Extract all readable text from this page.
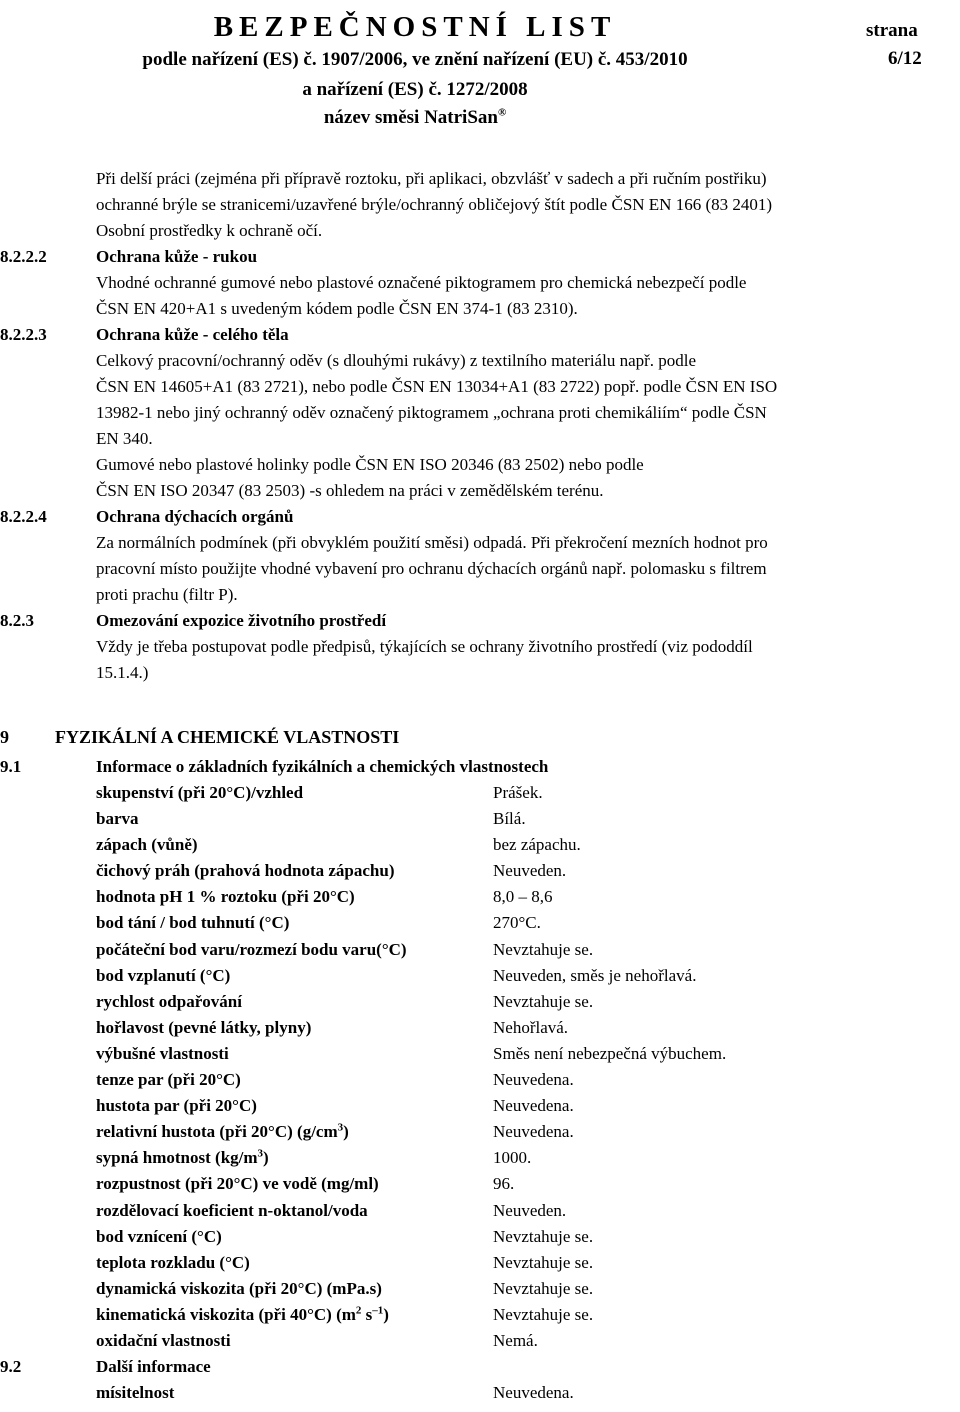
BEZPEČNOSTNÍ LIST
podle nařízení (ES) č. 1907/2006, ve znění nařízení (EU) č. 453/2010
a nařízení (ES) č. 1272/2008
název směsi NatriSan®
strana
6/12

Při delší práci (zejména při přípravě roztoku, při aplikaci, obzvlášť v sadech a při ručním postřiku)

ochranné brýle se stranicemi/uzavřené brýle/ochranný obličejový štít podle ČSN EN 166 (83 2401)

Osobní prostředky k ochraně očí.

8.2.2.2	Ochrana kůže - rukou

Vhodné ochranné gumové nebo plastové označené piktogramem pro chemická nebezpečí podle

ČSN EN 420+A1 s uvedeným kódem podle ČSN EN 374-1 (83 2310).

8.2.2.3	Ochrana kůže - celého těla

Celkový pracovní/ochranný oděv (s dlouhými rukávy) z textilního materiálu např. podle

ČSN EN 14605+A1 (83 2721), nebo podle ČSN EN 13034+A1 (83 2722) popř. podle ČSN EN ISO

13982-1 nebo jiný ochranný oděv označený piktogramem „ochrana proti chemikáliím“ podle ČSN

EN 340.

Gumové nebo plastové holinky podle ČSN EN ISO 20346 (83 2502) nebo podle

ČSN EN ISO 20347 (83 2503) -s ohledem na práci v zemědělském terénu.

8.2.2.4	Ochrana dýchacích orgánů

Za normálních podmínek (při obvyklém použití směsi) odpadá. Při překročení mezních hodnot pro

pracovní místo použijte vhodné vybavení pro ochranu dýchacích orgánů např. polomasku s filtrem

proti prachu (filtr P).

8.2.3	Omezování expozice životního prostředí

Vždy je třeba postupovat podle předpisů, týkajících se ochrany životního prostředí (viz pododdíl

15.1.4.)

9	FYZIKÁLNÍ A CHEMICKÉ VLASTNOSTI
9.1	Informace o základních fyzikálních a chemických vlastnostech
skupenství (při 20°C)/vzhled	Prášek.
barva	Bílá.
zápach (vůně)	bez zápachu.
čichový práh (prahová hodnota zápachu)	Neuveden.
hodnota pH 1 % roztoku (při 20°C)	8,0 – 8,6
bod tání / bod tuhnutí (°C)	270°C.
počáteční bod varu/rozmezí bodu varu(°C)	Nevztahuje se.
bod vzplanutí (°C)	Neuveden, směs je nehořlavá.
rychlost odpařování	Nevztahuje se.
hořlavost (pevné látky, plyny)	Nehořlavá.
výbušné vlastnosti	Směs není nebezpečná výbuchem.
tenze par (při 20°C)	Neuvedena.
hustota par (při 20°C)	Neuvedena.
relativní hustota (při 20°C) $(g/cm^3)$	Neuvedena.
sypná hmotnost $(kg/m^3)$	1000.
rozpustnost (při 20°C) ve vodě (mg/ml)	96.
rozdělovací koeficient n-oktanol/voda	Neuveden.
bod vznícení (°C)	Nevztahuje se.
teplota rozkladu (°C)	Nevztahuje se.
dynamická viskozita (při 20°C) (mPa.s)	Nevztahuje se.
kinematická viskozita (při 40°C) ($m^2$ $s^{-1}$)	Nevztahuje se.
oxidační vlastnosti	Nemá.
9.2	Další informace
mísitelnost	Neuvedena.
